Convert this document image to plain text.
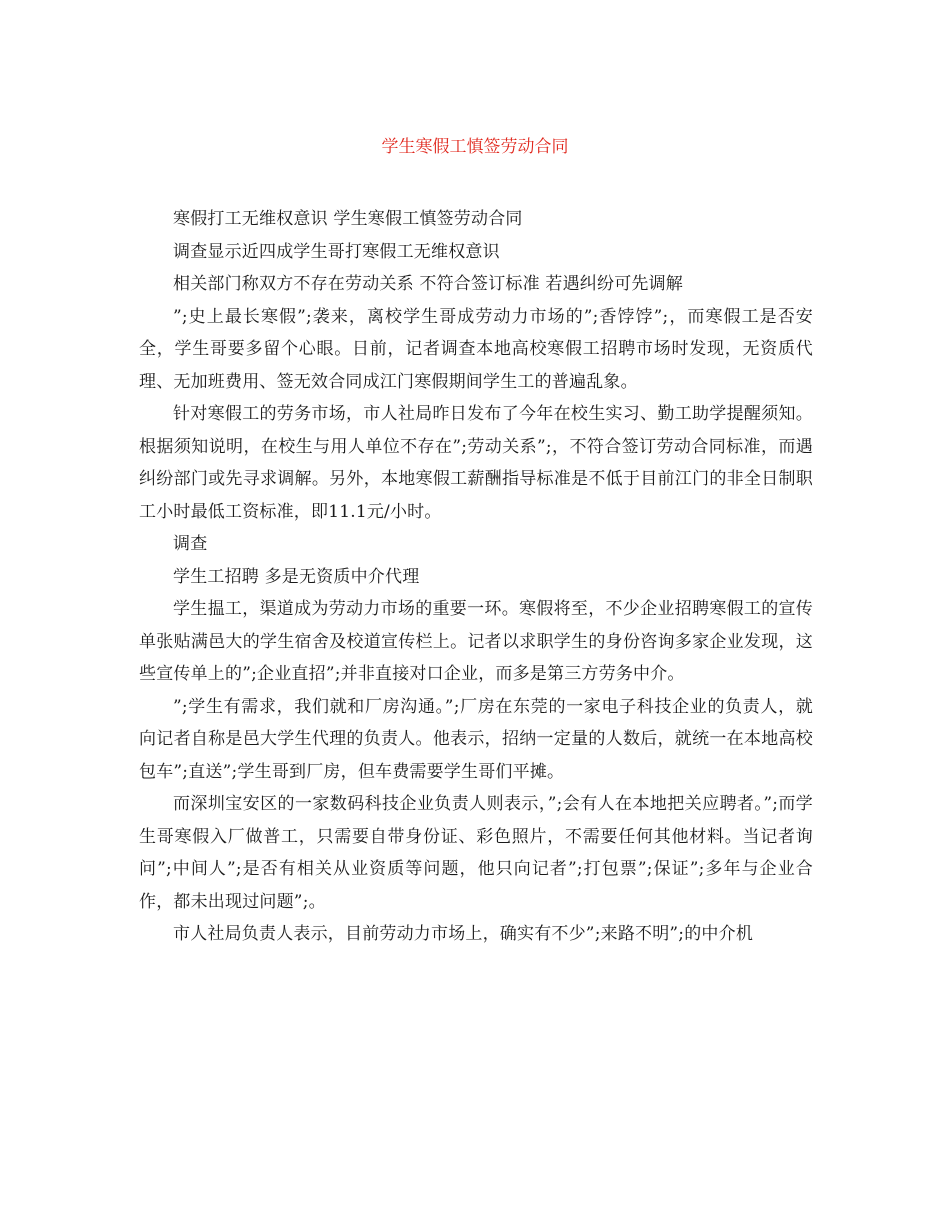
学生寒假工慎签劳动合同

寒假打工无维权意识 学生寒假工慎签劳动合同

调查显示近四成学生哥打寒假工无维权意识

相关部门称双方不存在劳动关系 不符合签订标准 若遇纠纷可先调解

”;史上最长寒假”;袭来，离校学生哥成劳动力市场的”;香饽饽”;，而寒假工是否安全，学生哥要多留个心眼。日前，记者调查本地高校寒假工招聘市场时发现，无资质代理、无加班费用、签无效合同成江门寒假期间学生工的普遍乱象。

针对寒假工的劳务市场，市人社局昨日发布了今年在校生实习、勤工助学提醒须知。根据须知说明，在校生与用人单位不存在”;劳动关系”;，不符合签订劳动合同标准，而遇纠纷部门或先寻求调解。另外，本地寒假工薪酬指导标准是不低于目前江门的非全日制职工小时最低工资标准，即11.1元/小时。

调查

学生工招聘 多是无资质中介代理

学生揾工，渠道成为劳动力市场的重要一环。寒假将至，不少企业招聘寒假工的宣传单张贴满邑大的学生宿舍及校道宣传栏上。记者以求职学生的身份咨询多家企业发现，这些宣传单上的”;企业直招”;并非直接对口企业，而多是第三方劳务中介。

”;学生有需求，我们就和厂房沟通。”;厂房在东莞的一家电子科技企业的负责人，就向记者自称是邑大学生代理的负责人。他表示，招纳一定量的人数后，就统一在本地高校包车”;直送”;学生哥到厂房，但车费需要学生哥们平摊。

而深圳宝安区的一家数码科技企业负责人则表示，”;会有人在本地把关应聘者。”;而学生哥寒假入厂做普工，只需要自带身份证、彩色照片，不需要任何其他材料。当记者询问”;中间人”;是否有相关从业资质等问题，他只向记者”;打包票”;保证”;多年与企业合作，都未出现过问题”;。

市人社局负责人表示，目前劳动力市场上，确实有不少”;来路不明”;的中介机
